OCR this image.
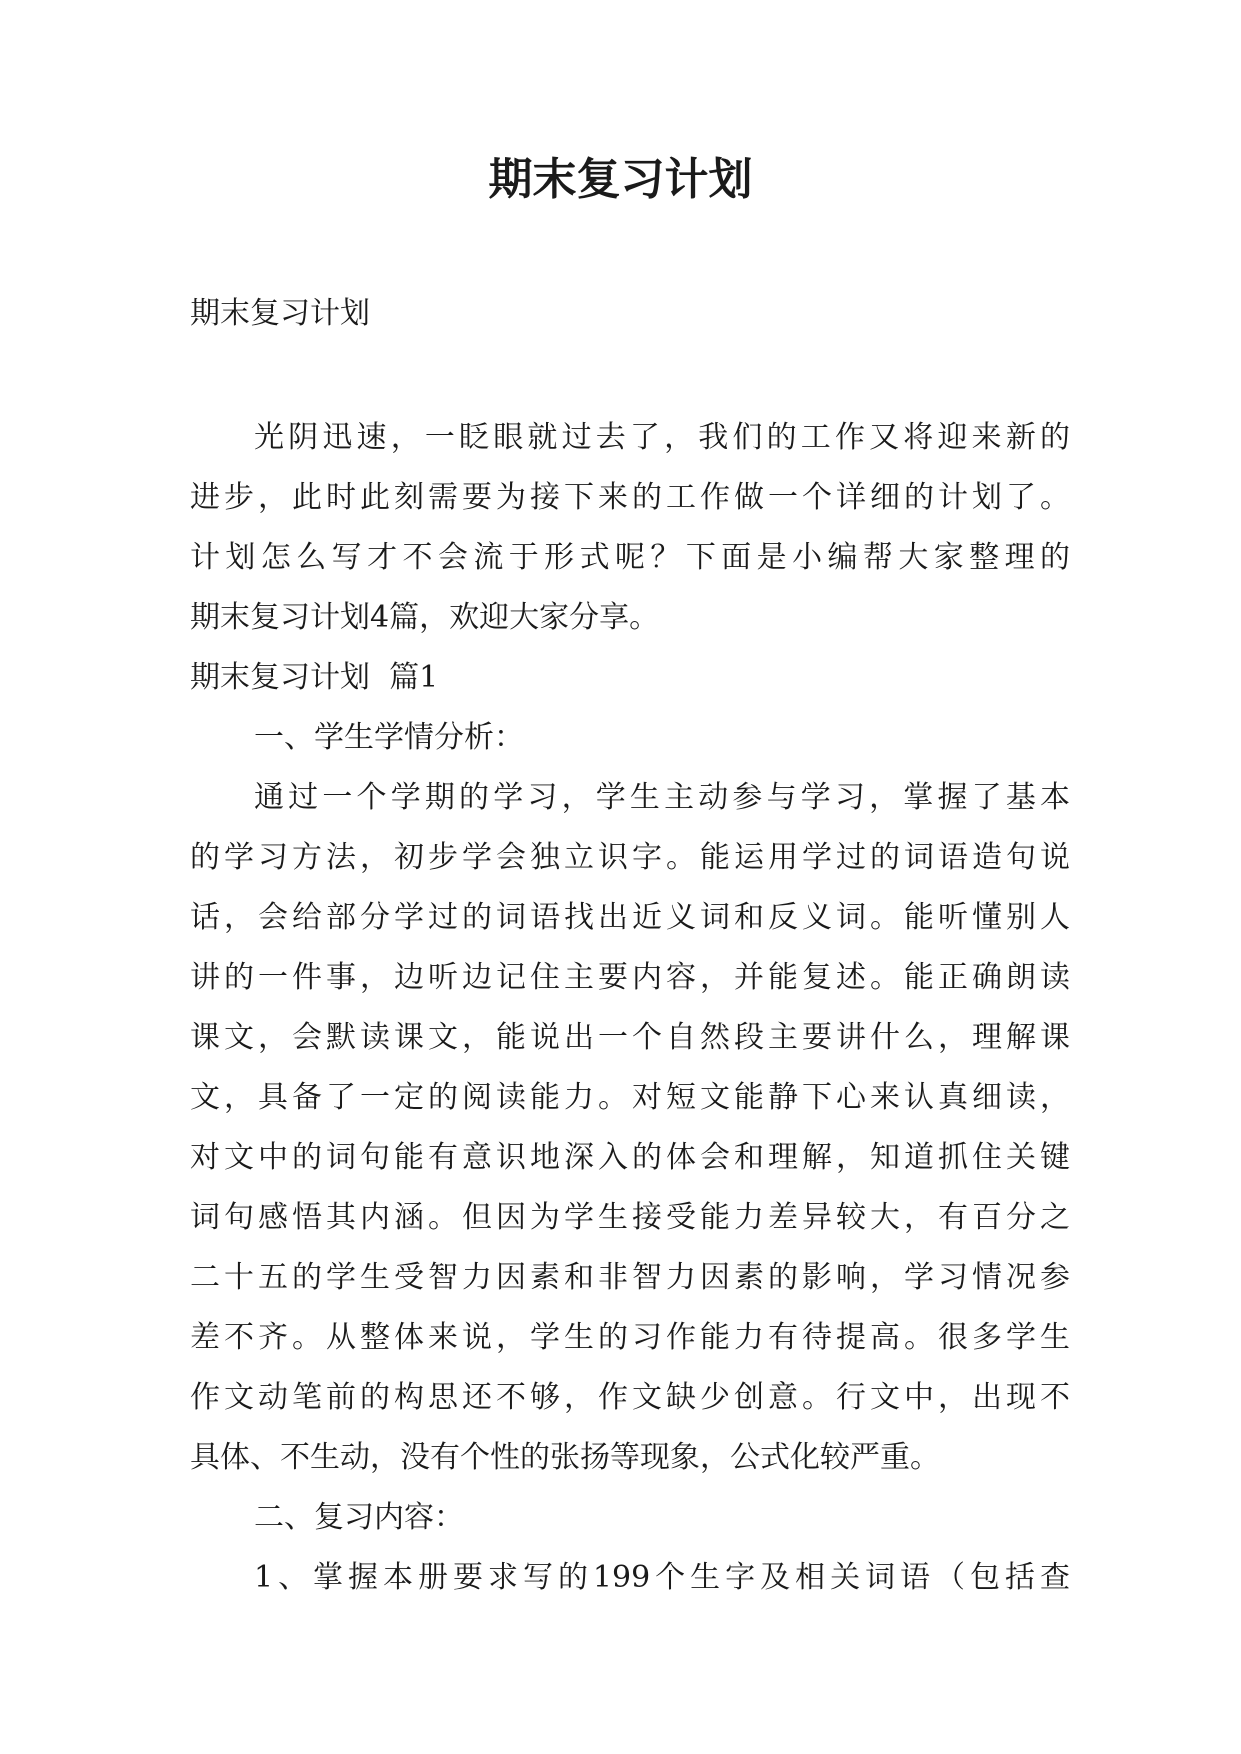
期末复习计划
期末复习计划
光阴迅速，一眨眼就过去了，我们的工作又将迎来新的
进步，此时此刻需要为接下来的工作做一个详细的计划了。
计划怎么写才不会流于形式呢？下面是小编帮大家整理的
期末复习计划4篇，欢迎大家分享。
期末复习计划  篇1
一、学生学情分析：
通过一个学期的学习，学生主动参与学习，掌握了基本
的学习方法，初步学会独立识字。能运用学过的词语造句说
话，会给部分学过的词语找出近义词和反义词。能听懂别人
讲的一件事，边听边记住主要内容，并能复述。能正确朗读
课文，会默读课文，能说出一个自然段主要讲什么，理解课
文，具备了一定的阅读能力。对短文能静下心来认真细读，
对文中的词句能有意识地深入的体会和理解，知道抓住关键
词句感悟其内涵。但因为学生接受能力差异较大，有百分之
二十五的学生受智力因素和非智力因素的影响，学习情况参
差不齐。从整体来说，学生的习作能力有待提高。很多学生
作文动笔前的构思还不够，作文缺少创意。行文中，出现不
具体、不生动，没有个性的张扬等现象，公式化较严重。
二、复习内容：
1、掌握本册要求写的199个生字及相关词语（包括查
